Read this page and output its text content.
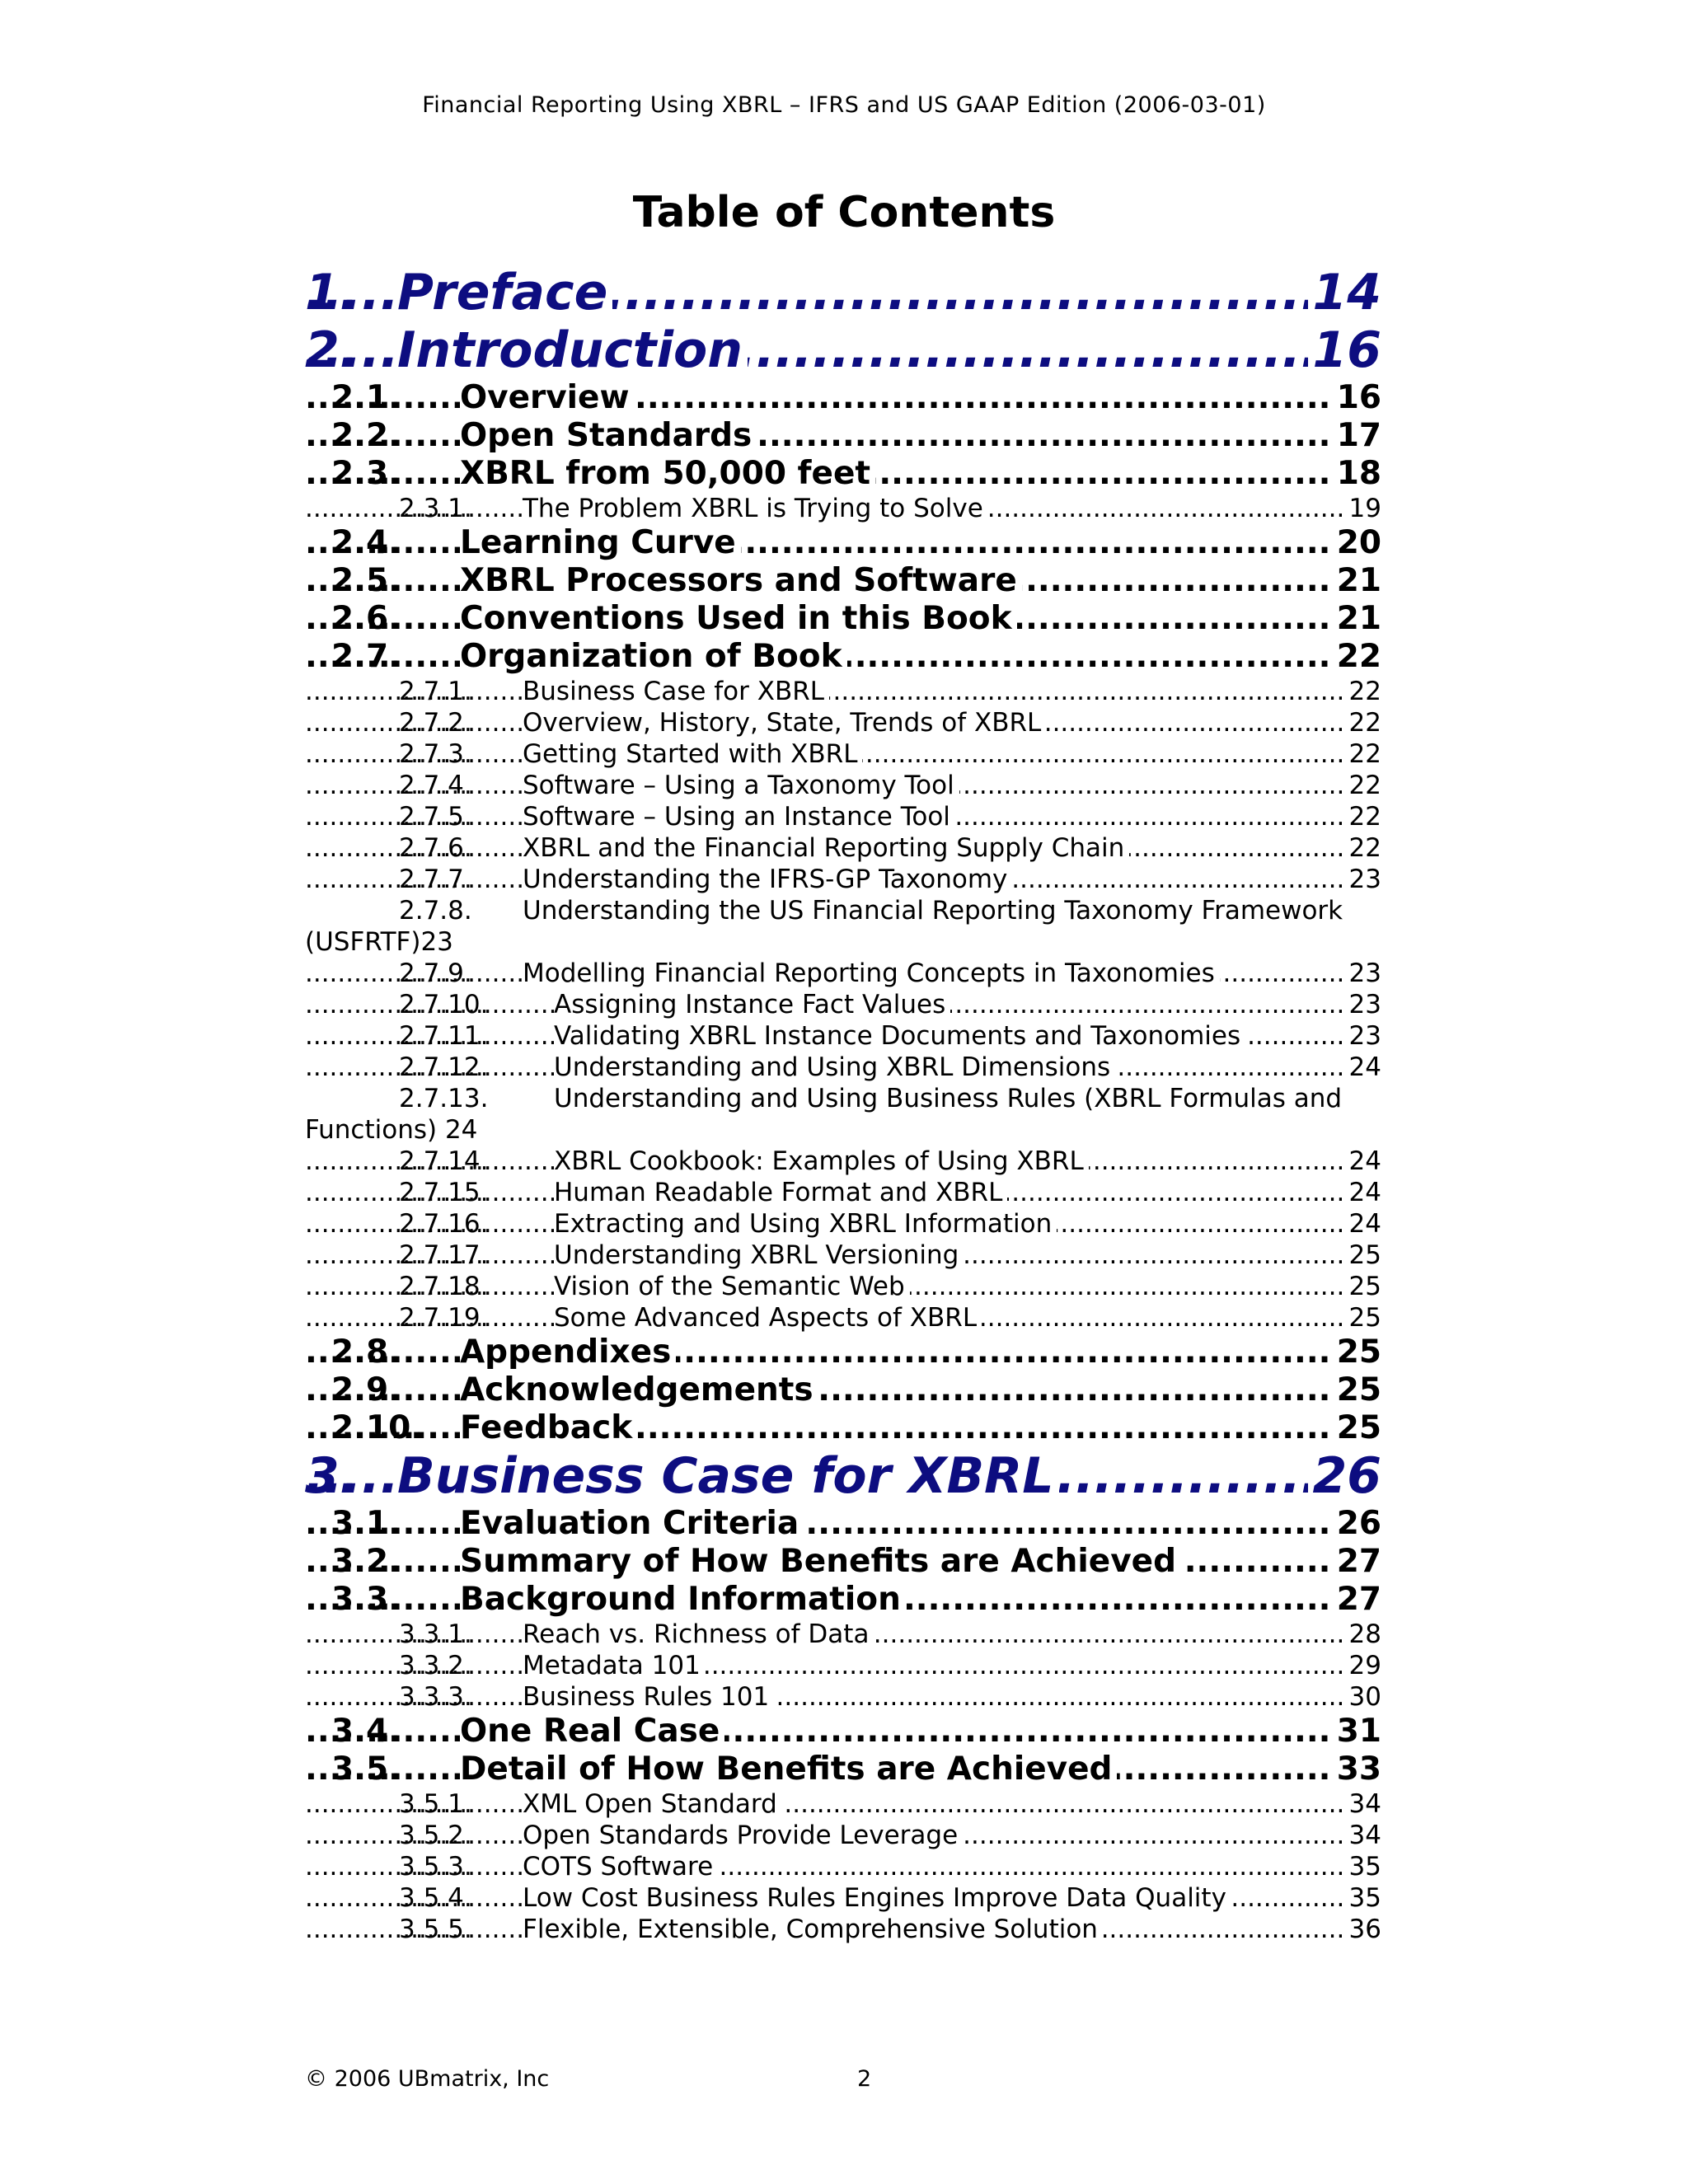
Financial Reporting Using XBRL – IFRS and US GAAP Edition (2006-03-01)
Table of Contents
.....
1. Preface	14
.....
2. Introduction	16
.....
2.1. Overview	16
.....
2.2. Open Standards	17
.....
2.3. XBRL from 50,000 feet	18
.....
2.3.1. The Problem XBRL is Trying to Solve	19
.....
2.4. Learning Curve	20
.....
2.5. XBRL Processors and Software	21
.....
2.6. Conventions Used in this Book	21
.....
2.7. Organization of Book	22
.....
2.7.1. Business Case for XBRL	22
.....
2.7.2. Overview, History, State, Trends of XBRL	22
.....
2.7.3. Getting Started with XBRL	22
.....
2.7.4. Software – Using a Taxonomy Tool	22
.....
2.7.5. Software – Using an Instance Tool	22
.....
2.7.6. XBRL and the Financial Reporting Supply Chain	22
.....
2.7.7. Understanding the IFRS-GP Taxonomy	23
2.7.8. Understanding the US Financial Reporting Taxonomy Framework
(USFRTF)23
.....
2.7.9. Modelling Financial Reporting Concepts in Taxonomies	23
.....
2.7.10.	Assigning Instance Fact Values	23
.....
2.7.11.	Validating XBRL Instance Documents and Taxonomies	23
.....
2.7.12.	Understanding and Using XBRL Dimensions	24
2.7.13.	Understanding and Using Business Rules (XBRL Formulas and
Functions) 24
.....
2.7.14.	XBRL Cookbook: Examples of Using XBRL	24
.....
2.7.15.	Human Readable Format and XBRL	24
.....
2.7.16.	Extracting and Using XBRL Information	24
.....
2.7.17.	Understanding XBRL Versioning	25
.....
2.7.18.	Vision of the Semantic Web	25
.....
2.7.19.	Some Advanced Aspects of XBRL	25
.....
2.8. Appendixes	25
.....
2.9. Acknowledgements	25
.....
2.10. Feedback	25
.....
3. Business Case for XBRL	26
.....
3.1. Evaluation Criteria	26
.....
3.2. Summary of How Benefits are Achieved	27
.....
3.3. Background Information	27
.....
3.3.1. Reach vs. Richness of Data	28
.....
3.3.2. Metadata 101	29
.....
3.3.3. Business Rules 101	30
.....
3.4. One Real Case	31
.....
3.5. Detail of How Benefits are Achieved	33
.....
3.5.1. XML Open Standard	34
.....
3.5.2. Open Standards Provide Leverage	34
.....
3.5.3. COTS Software	35
.....
3.5.4. Low Cost Business Rules Engines Improve Data Quality	35
.....
3.5.5. Flexible, Extensible, Comprehensive Solution	36
© 2006 UBmatrix, Inc	2
